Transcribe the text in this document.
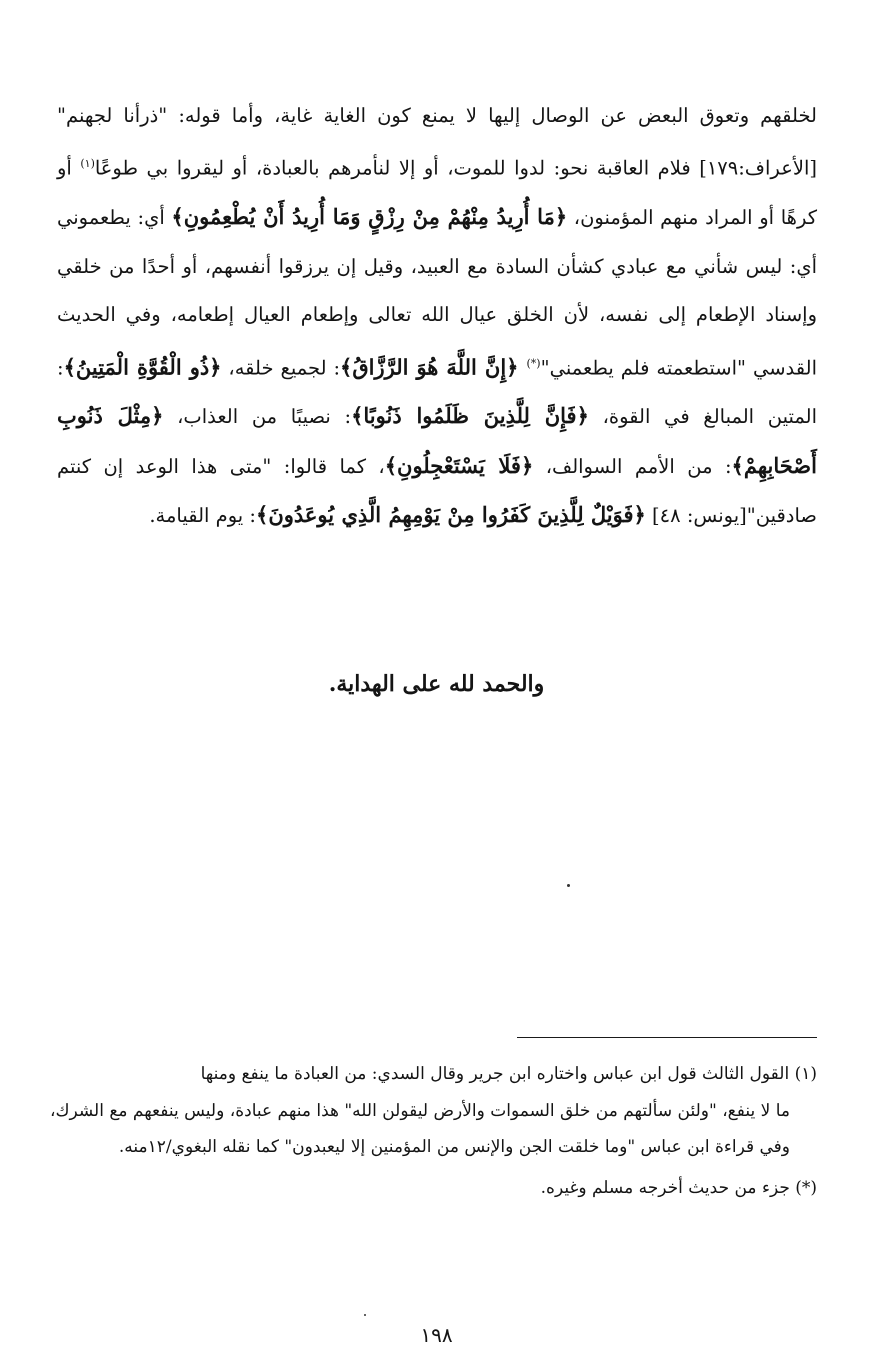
لخلقهم وتعوق البعض عن الوصال إليها لا يمنع كون الغاية غاية، وأما قوله: "ذرأنا لجهنم"[الأعراف:١٧٩] فلام العاقبة نحو: لدوا للموت، أو إلا لنأمرهم بالعبادة، أو ليقروا بي طوعًا$^{(١)}$ أو كرهًا أو المراد منهم المؤمنون، ﴿مَا أُرِيدُ مِنْهُمْ مِنْ رِزْقٍ وَمَا أُرِيدُ أَنْ يُطْعِمُونِ﴾ أي: يطعموني أي: ليس شأني مع عبادي كشأن السادة مع العبيد، وقيل إن يرزقوا أنفسهم، أو أحدًا من خلقي وإسناد الإطعام إلى نفسه، لأن الخلق عيال الله تعالى وإطعام العيال إطعامه، وفي الحديث القدسي "استطعمته فلم يطعمني"(*) ﴿إِنَّ اللَّهَ هُوَ الرَّزَّاقُ﴾: لجميع خلقه، ﴿ذُو الْقُوَّةِ الْمَتِينُ﴾: المتين المبالغ في القوة، ﴿فَإِنَّ لِلَّذِينَ ظَلَمُوا ذَنُوبًا﴾: نصيبًا من العذاب، ﴿مِثْلَ ذَنُوبِ أَصْحَابِهِمْ﴾: من الأمم السوالف، ﴿فَلَا يَسْتَعْجِلُونِ﴾، كما قالوا: "متى هذا الوعد إن كنتم صادقين"[يونس: ٤٨] ﴿فَوَيْلٌ لِلَّذِينَ كَفَرُوا مِنْ يَوْمِهِمُ الَّذِي يُوعَدُونَ﴾: يوم القيامة.

والحمد لله على الهداية.

(١) القول الثالث قول ابن عباس واختاره ابن جرير وقال السدي: من العبادة ما ينفع ومنها

ما لا ينفع، "ولئن سألتهم من خلق السموات والأرض ليقولن الله" هذا منهم عبادة، وليس ينفعهم مع الشرك، وفي قراءة ابن عباس "وما خلقت الجن والإنس من المؤمنين إلا ليعبدون" كما نقله البغوي/١٢منه.

(*) جزء من حديث أخرجه مسلم وغيره.

١٩٨
